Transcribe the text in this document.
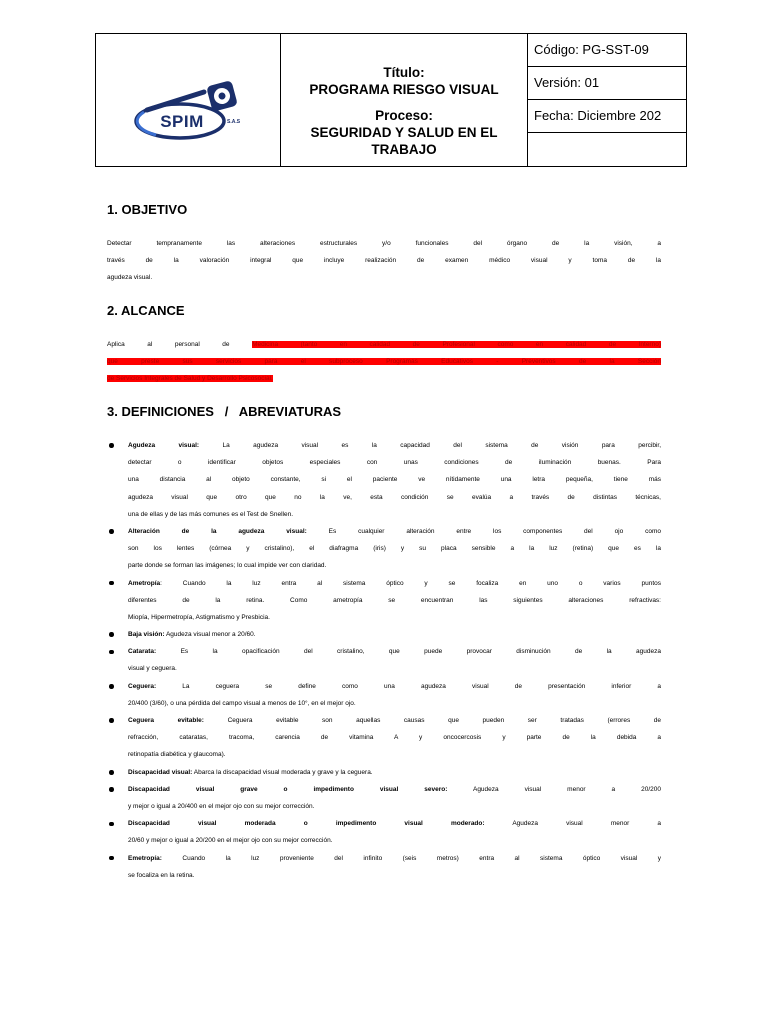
SPIM	S.A.S
Título:
PROGRAMA RIESGO VISUAL
Proceso:
SEGURIDAD Y SALUD EN EL
TRABAJO
Código: PG-SST-09
Versión: 01
Fecha: Diciembre 202
1. OBJETIVO
Detectar tempranamente las alteraciones estructurales y/o funcionales del órgano de la visión, a
través de la valoración integral que incluye realización de examen médico visual y toma de la
agudeza visual.
2. ALCANCE
Aplica al personal de	Medicina (tanto en calidad de Profesional como en calidad de Interno)
que preste sus servicios para el subproceso Programas Educativos - Preventivos de la Sección
de Servicios Integrales de Salud y Desarrollo Psicosocial.
3. DEFINICIONES   /   ABREVIATURAS
Agudeza visual:	La agudeza visual es la capacidad del sistema de visión para percibir,
detectar o identificar objetos especiales con unas condiciones de iluminación buenas. Para
una distancia al objeto constante, si el paciente ve nítidamente una letra pequeña, tiene más
agudeza visual que otro que no la ve, esta condición se evalúa a través de distintas técnicas,
una de ellas y de las más comunes es el Test de Snellen.
Alteración de la agudeza visual:	Es cualquier alteración entre los componentes del ojo como
son los lentes (córnea y cristalino), el diafragma (iris) y su placa sensible a la luz (retina) que es la
parte donde se forman las imágenes; lo cual impide ver con claridad.
Ametropía: Cuando la luz entra al sistema óptico y se focaliza en uno o varios puntos
diferentes de la retina. Como ametropía se encuentran las siguientes alteraciones refractivas:
Miopía, Hipermetropía, Astigmatismo y Presbicia.
Baja visión: Agudeza visual menor a 20/60.
Catarata:	Es la opacificación del cristalino, que puede provocar disminución de la agudeza
visual y ceguera.
Ceguera:	La ceguera se define como una agudeza visual de presentación inferior a
20/400 (3/60), o una pérdida del campo visual a menos de 10°, en el mejor ojo.
Ceguera evitable:	Ceguera evitable son aquellas causas que pueden ser tratadas (errores de
refracción, cataratas, tracoma, carencia de vitamina A y oncocercosis y parte de la debida a
retinopatía diabética y glaucoma).
Discapacidad visual: Abarca la discapacidad visual moderada y grave y la ceguera.
Discapacidad visual grave o impedimento visual severo:	Agudeza visual menor a 20/200
y mejor o igual a 20/400 en el mejor ojo con su mejor corrección.
Discapacidad visual moderada o impedimento visual moderado:	Agudeza visual menor a
20/60 y mejor o igual a 20/200 en el mejor ojo con su mejor corrección.
Emetropía:	Cuando la luz proveniente del infinito (seis metros) entra al sistema óptico visual y
se focaliza en la retina.
